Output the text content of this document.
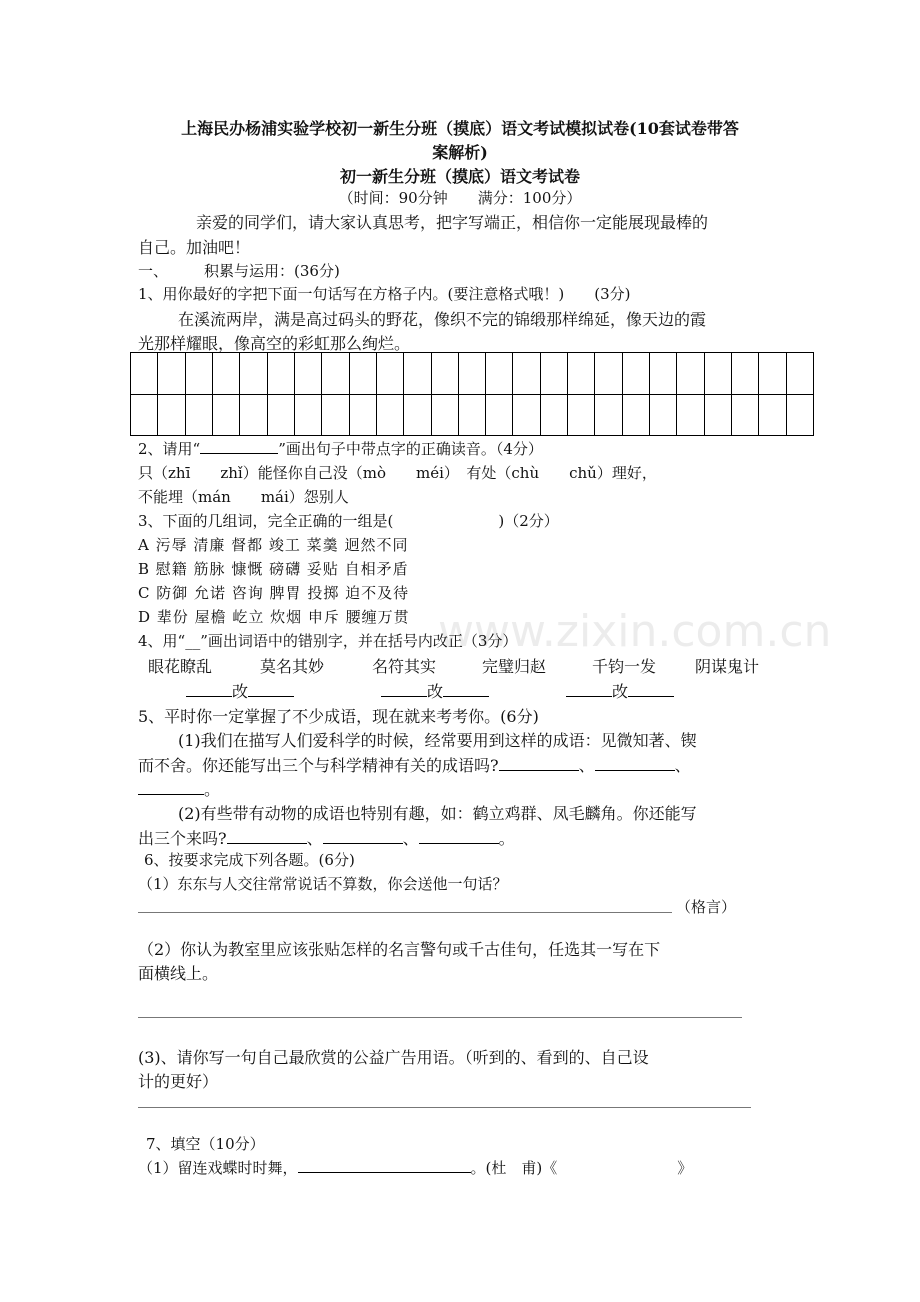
www.zixin.com.cn
上海民办杨浦实验学校初一新生分班（摸底）语文考试模拟试卷(10套试卷带答
案解析)
初一新生分班（摸底）语文考试卷
（时间：90分钟　　满分：100分）
亲爱的同学们，请大家认真思考，把字写端正，相信你一定能展现最棒的
自己。加油吧！
一、 积累与运用：(36分)
1、用你最好的字把下面一句话写在方格子内。(要注意格式哦！)　　(3分)
在溪流两岸，满是高过码头的野花，像织不完的锦缎那样绵延，像天边的霞
光那样耀眼，像高空的彩虹那么绚烂。
2、请用“	”画出句子中带点字的正确读音。（4分）
只（zhī　　zhǐ）能怪你自己没（mò　　méi）　有处（chù　　chǔ）理好，
不能埋（mán　　mái）怨别人
3、下面的几组词，完全正确的一组是(　　　　　　　)（2分）
A 污辱 清廉 督都 竣工 菜羹 迥然不同
B 慰籍 筋脉 慷慨 磅礴 妥贴 自相矛盾
C 防御 允诺 咨询 脾胃 投掷 迫不及待
D 辈份 屋檐 屹立 炊烟 申斥 腰缠万贯
4、用“__”画出词语中的错别字，并在括号内改正（3分）
眼花瞭乱	莫名其妙	名符其实	完璧归赵	千钧一发 阴谋鬼计
改	改	改
5、平时你一定掌握了不少成语，现在就来考考你。(6分)
(1)我们在描写人们爱科学的时候，经常要用到这样的成语：见微知著、锲
而不舍。你还能写出三个与科学精神有关的成语吗?	、	、
。
(2)有些带有动物的成语也特别有趣，如：鹤立鸡群、凤毛麟角。你还能写
出三个来吗?	、	、	。
6、按要求完成下列各题。(6分)
（1）东东与人交往常常说话不算数，你会送他一句话？
（格言）
（2）你认为教室里应该张贴怎样的名言警句或千古佳句，任选其一写在下
面横线上。
(3)、请你写一句自己最欣赏的公益广告用语。（听到的、看到的、自己设
计的更好）
7、填空（10分）
（1）留连戏蝶时时舞，	。(杜　甫)《	》
